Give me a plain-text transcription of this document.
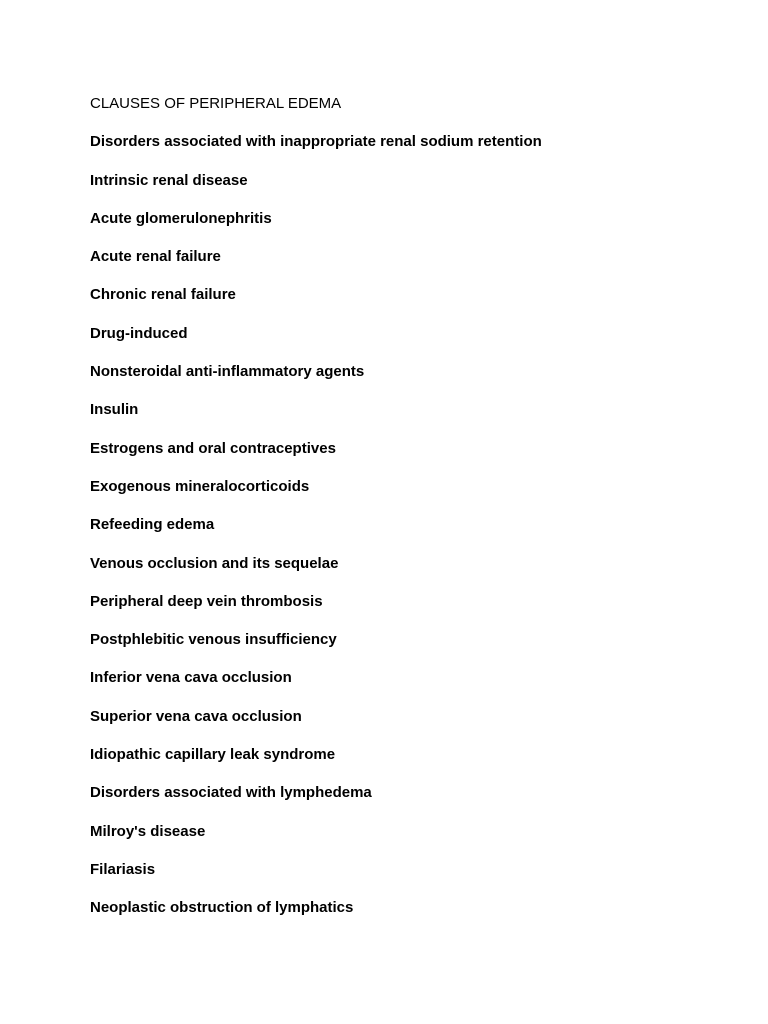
CLAUSES OF PERIPHERAL EDEMA
Disorders associated with inappropriate renal sodium retention
Intrinsic renal disease
Acute glomerulonephritis
Acute renal failure
Chronic renal failure
Drug-induced
Nonsteroidal anti-inflammatory agents
Insulin
Estrogens and oral contraceptives
Exogenous mineralocorticoids
Refeeding edema
Venous occlusion and its sequelae
Peripheral deep vein thrombosis
Postphlebitic venous insufficiency
Inferior vena cava occlusion
Superior vena cava occlusion
Idiopathic capillary leak syndrome
Disorders associated with lymphedema
Milroy's disease
Filariasis
Neoplastic obstruction of lymphatics
